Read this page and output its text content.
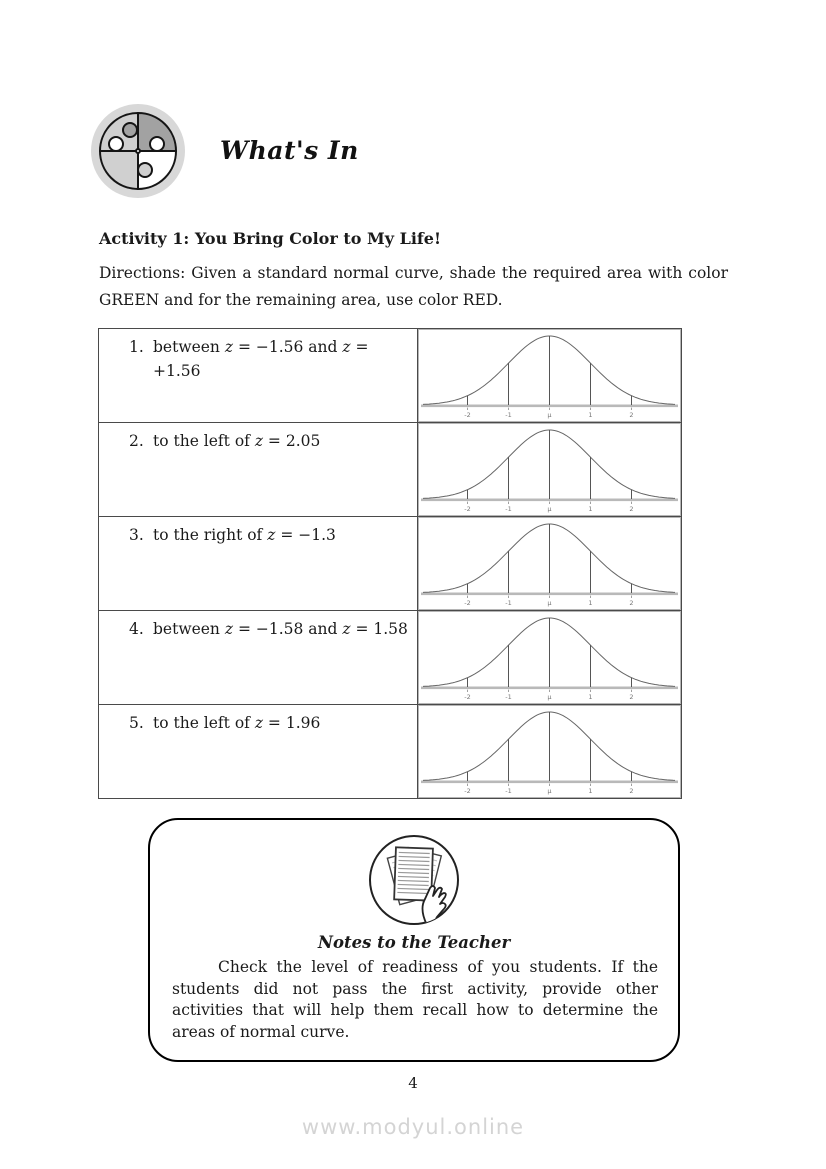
What's In
Activity 1: You Bring Color to My Life!
Directions: Given a standard normal curve, shade the required area with color GREEN and for the remaining area, use color RED.
1. between z = −1.56 and z =
+1.56

-2	-1	μ	1	2

2. to the left of z = 2.05	-2 -1 μ 1 2

3. to the right of z = −1.3	-2 -1 μ 1 2

4. between z = −1.58 and z = 1.58	-2 -1 μ 1 2

5. to the left of z = 1.96	-2 -1 μ 1 2
Notes to the Teacher

Check the level of readiness of you students. If the students did not pass the first activity, provide other activities that will help them recall how to determine the areas of normal curve.

4
www.modyul.online
